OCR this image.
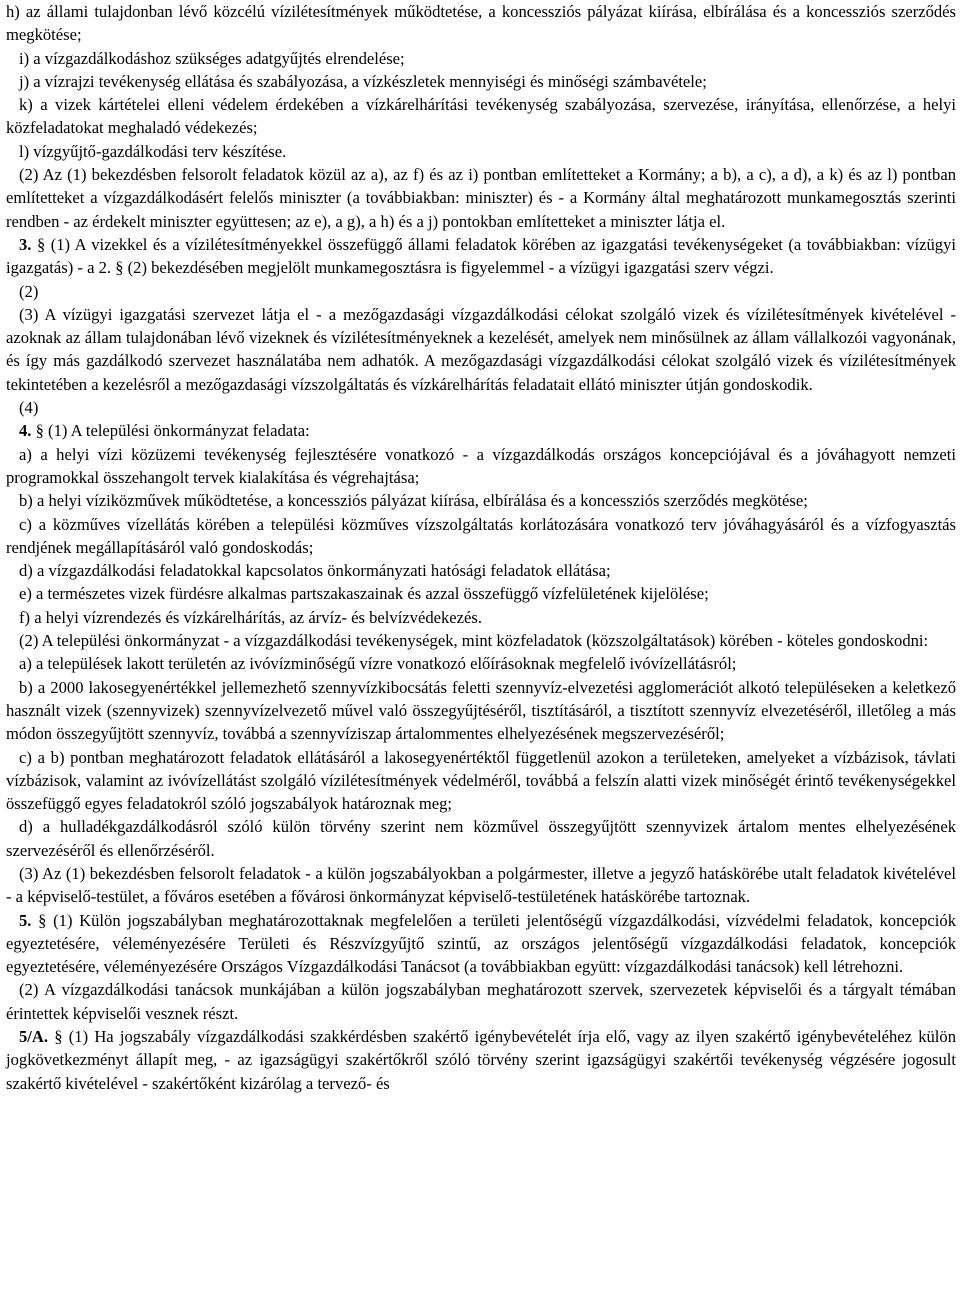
h) az állami tulajdonban lévő közcélú vízilétesítmények működtetése, a koncessziós pályázat kiírása, elbírálása és a koncessziós szerződés megkötése;

i) a vízgazdálkodáshoz szükséges adatgyűjtés elrendelése;

j) a vízrajzi tevékenység ellátása és szabályozása, a vízkészletek mennyiségi és minőségi számbavétele;

k) a vizek kártételei elleni védelem érdekében a vízkárelhárítási tevékenység szabályozása, szervezése, irányítása, ellenőrzése, a helyi közfeladatokat meghaladó védekezés;

l) vízgyűjtő-gazdálkodási terv készítése.

(2) Az (1) bekezdésben felsorolt feladatok közül az a), az f) és az i) pontban említetteket a Kormány; a b), a c), a d), a k) és az l) pontban említetteket a vízgazdálkodásért felelős miniszter (a továbbiakban: miniszter) és - a Kormány által meghatározott munkamegosztás szerinti rendben - az érdekelt miniszter együttesen; az e), a g), a h) és a j) pontokban említetteket a miniszter látja el.

3. § (1) A vizekkel és a vízilétesítményekkel összefüggő állami feladatok körében az igazgatási tevékenységeket (a továbbiakban: vízügyi igazgatás) - a 2. § (2) bekezdésében megjelölt munkamegosztásra is figyelemmel - a vízügyi igazgatási szerv végzi.

(2)

(3) A vízügyi igazgatási szervezet látja el - a mezőgazdasági vízgazdálkodási célokat szolgáló vizek és vízilétesítmények kivételével - azoknak az állam tulajdonában lévő vizeknek és vízilétesítményeknek a kezelését, amelyek nem minősülnek az állam vállalkozói vagyonának, és így más gazdálkodó szervezet használatába nem adhatók. A mezőgazdasági vízgazdálkodási célokat szolgáló vizek és vízilétesítmények tekintetében a kezelésről a mezőgazdasági vízszolgáltatás és vízkárelhárítás feladatait ellátó miniszter útján gondoskodik.

(4)

4. § (1) A települési önkormányzat feladata:

a) a helyi vízi közüzemi tevékenység fejlesztésére vonatkozó - a vízgazdálkodás országos koncepciójával és a jóváhagyott nemzeti programokkal összehangolt tervek kialakítása és végrehajtása;

b) a helyi víziközművek működtetése, a koncessziós pályázat kiírása, elbírálása és a koncessziós szerződés megkötése;

c) a közműves vízellátás körében a települési közműves vízszolgáltatás korlátozására vonatkozó terv jóváhagyásáról és a vízfogyasztás rendjének megállapításáról való gondoskodás;

d) a vízgazdálkodási feladatokkal kapcsolatos önkormányzati hatósági feladatok ellátása;

e) a természetes vizek fürdésre alkalmas partszakaszainak és azzal összefüggő vízfelületének kijelölése;

f) a helyi vízrendezés és vízkárelhárítás, az árvíz- és belvízvédekezés.

(2) A települési önkormányzat - a vízgazdálkodási tevékenységek, mint közfeladatok (közszolgáltatások) körében - köteles gondoskodni:

a) a települések lakott területén az ivóvízminőségű vízre vonatkozó előírásoknak megfelelő ivóvízellátásról;

b) a 2000 lakosegyenértékkel jellemezhető szennyvízkibocsátás feletti szennyvíz-elvezetési agglomerációt alkotó településeken a keletkező használt vizek (szennyvizek) szennyvízelvezető művel való összegyűjtéséről, tisztításáról, a tisztított szennyvíz elvezetéséről, illetőleg a más módon összegyűjtött szennyvíz, továbbá a szennyvíziszap ártalommentes elhelyezésének megszervezéséről;

c) a b) pontban meghatározott feladatok ellátásáról a lakosegyenértéktől függetlenül azokon a területeken, amelyeket a vízbázisok, távlati vízbázisok, valamint az ivóvízellátást szolgáló vízilétesítmények védelméről, továbbá a felszín alatti vizek minőségét érintő tevékenységekkel összefüggő egyes feladatokról szóló jogszabályok határoznak meg;

d) a hulladékgazdálkodásról szóló külön törvény szerint nem közművel összegyűjtött szennyvizek ártalom mentes elhelyezésének szervezéséről és ellenőrzéséről.

(3) Az (1) bekezdésben felsorolt feladatok - a külön jogszabályokban a polgármester, illetve a jegyző hatáskörébe utalt feladatok kivételével - a képviselő-testület, a főváros esetében a fővárosi önkormányzat képviselő-testületének hatáskörébe tartoznak.

5. § (1) Külön jogszabályban meghatározottaknak megfelelően a területi jelentőségű vízgazdálkodási, vízvédelmi feladatok, koncepciók egyeztetésére, véleményezésére Területi és Részvízgyűjtő szintű, az országos jelentőségű vízgazdálkodási feladatok, koncepciók egyeztetésére, véleményezésére Országos Vízgazdálkodási Tanácsot (a továbbiakban együtt: vízgazdálkodási tanácsok) kell létrehozni.

(2) A vízgazdálkodási tanácsok munkájában a külön jogszabályban meghatározott szervek, szervezetek képviselői és a tárgyalt témában érintettek képviselői vesznek részt.

5/A. § (1) Ha jogszabály vízgazdálkodási szakkérdésben szakértő igénybevételét írja elő, vagy az ilyen szakértő igénybevételéhez külön jogkövetkezményt állapít meg, - az igazságügyi szakértőkről szóló törvény szerint igazságügyi szakértői tevékenység végzésére jogosult szakértő kivételével - szakértőként kizárólag a tervező- és
